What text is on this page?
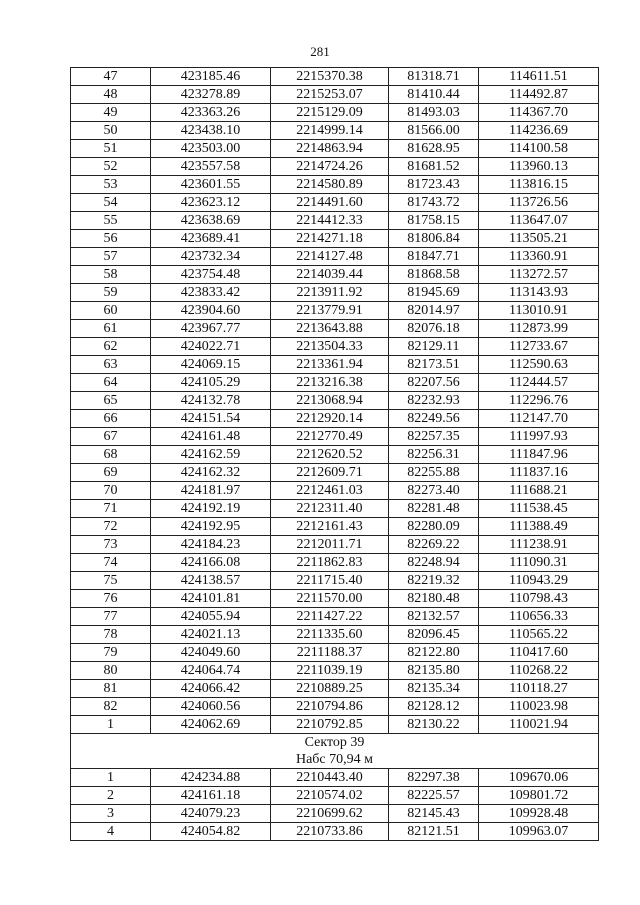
281
47	423185.46	2215370.38	81318.71	114611.51
48	423278.89	2215253.07	81410.44	114492.87
49	423363.26	2215129.09	81493.03	114367.70
50	423438.10	2214999.14	81566.00	114236.69
51	423503.00	2214863.94	81628.95	114100.58
52	423557.58	2214724.26	81681.52	113960.13
53	423601.55	2214580.89	81723.43	113816.15
54	423623.12	2214491.60	81743.72	113726.56
55	423638.69	2214412.33	81758.15	113647.07
56	423689.41	2214271.18	81806.84	113505.21
57	423732.34	2214127.48	81847.71	113360.91
58	423754.48	2214039.44	81868.58	113272.57
59	423833.42	2213911.92	81945.69	113143.93
60	423904.60	2213779.91	82014.97	113010.91
61	423967.77	2213643.88	82076.18	112873.99
62	424022.71	2213504.33	82129.11	112733.67
63	424069.15	2213361.94	82173.51	112590.63
64	424105.29	2213216.38	82207.56	112444.57
65	424132.78	2213068.94	82232.93	112296.76
66	424151.54	2212920.14	82249.56	112147.70
67	424161.48	2212770.49	82257.35	111997.93
68	424162.59	2212620.52	82256.31	111847.96
69	424162.32	2212609.71	82255.88	111837.16
70	424181.97	2212461.03	82273.40	111688.21
71	424192.19	2212311.40	82281.48	111538.45
72	424192.95	2212161.43	82280.09	111388.49
73	424184.23	2212011.71	82269.22	111238.91
74	424166.08	2211862.83	82248.94	111090.31
75	424138.57	2211715.40	82219.32	110943.29
76	424101.81	2211570.00	82180.48	110798.43
77	424055.94	2211427.22	82132.57	110656.33
78	424021.13	2211335.60	82096.45	110565.22
79	424049.60	2211188.37	82122.80	110417.60
80	424064.74	2211039.19	82135.80	110268.22
81	424066.42	2210889.25	82135.34	110118.27
82	424060.56	2210794.86	82128.12	110023.98
1	424062.69	2210792.85	82130.22	110021.94

Сектор 39
Набс 70,94 м				

1	424234.88	2210443.40	82297.38	109670.06
2	424161.18	2210574.02	82225.57	109801.72
3	424079.23	2210699.62	82145.43	109928.48
4	424054.82	2210733.86	82121.51	109963.07
